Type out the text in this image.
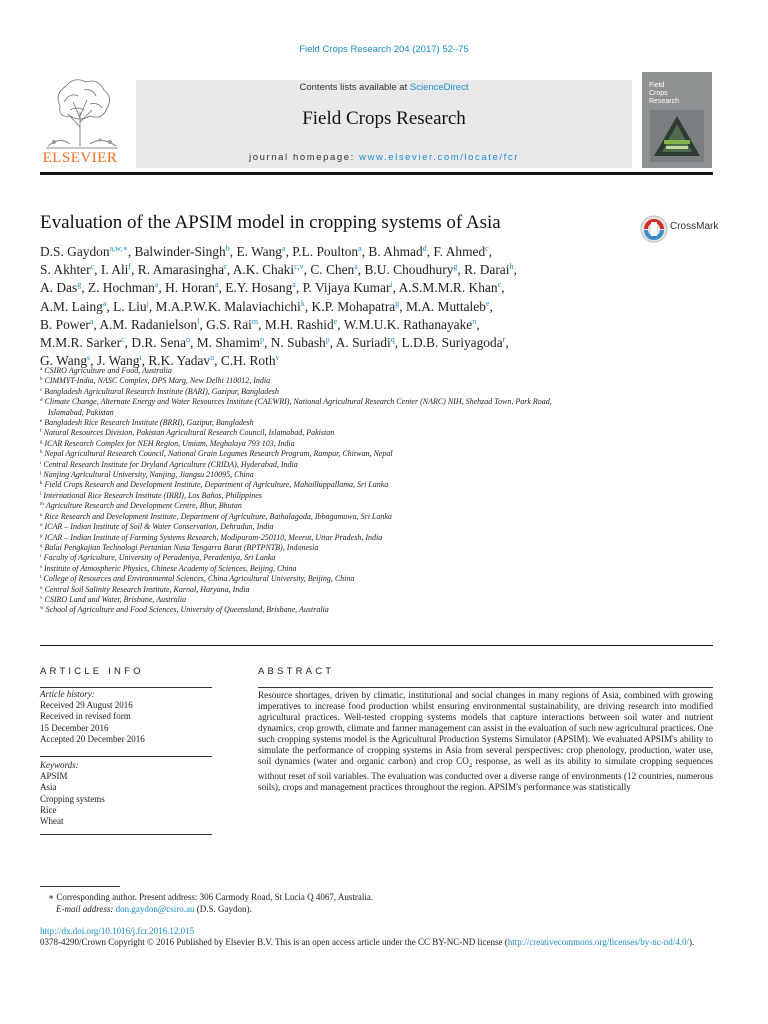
Field Crops Research 204 (2017) 52–75
ELSEVIER
Contents lists available at ScienceDirect
Field Crops Research
journal homepage: www.elsevier.com/locate/fcr
Field
Crops
Research
Evaluation of the APSIM model in cropping systems of Asia	CrossMark
D.S. Gaydon$^{a,w,∗}$, Balwinder-Singh$^b$, E. Wang$^a$, P.L. Poulton$^a$, B. Ahmad$^d$, F. Ahmed$^c$,
S. Akhter$^c$, I. Ali$^f$, R. Amarasingha$^r$, A.K. Chaki$^{c,v}$, C. Chen$^a$, B.U. Choudhury$^g$, R. Darai$^h$,
A. Das$^g$, Z. Hochman$^a$, H. Horan$^a$, E.Y. Hosang$^a$, P. Vijaya Kumar$^i$, A.S.M.M.R. Khan$^c$,
A.M. Laing$^a$, L. Liu$^j$, M.A.P.W.K. Malaviachichi$^k$, K.P. Mohapatra$^g$, M.A. Muttaleb$^e$,
B. Power$^a$, A.M. Radanielson$^l$, G.S. Rai$^m$, M.H. Rashid$^e$, W.M.U.K. Rathanayake$^n$,
M.M.R. Sarker$^c$, D.R. Sena$^o$, M. Shamim$^p$, N. Subash$^p$, A. Suriadi$^q$, L.D.B. Suriyagoda$^r$,
G. Wang$^s$, J. Wang$^t$, R.K. Yadav$^u$, C.H. Roth$^v$
$^a$ CSIRO Agriculture and Food, Australia
$^b$ CIMMYT-India, NASC Complex, DPS Marg, New Delhi 110012, India
$^c$ Bangladesh Agricultural Research Institute (BARI), Gazipur, Bangladesh
$^d$ Climate Change, Alternate Energy and Water Resources Institute (CAEWRI), National Agricultural Research Center (NARC) NIH, Shehzad Town, Park Road,
Islamabad, Pakistan
$^e$ Bangladesh Rice Research Institute (BRRI), Gazipur, Bangladesh
$^f$ Natural Resources Division, Pakistan Agricultural Research Council, Islamabad, Pakistan
$^g$ ICAR Research Complex for NEH Region, Umiam, Meghalaya 793 103, India
$^h$ Nepal Agricultural Research Council, National Grain Legumes Research Program, Rampur, Chitwan, Nepal
$^i$ Central Research Institute for Dryland Agriculture (CRIDA), Hyderabad, India
$^j$ Nanjing Agricultural University, Nanjing, Jiangsu 210095, China
$^k$ Field Crops Research and Development Institute, Department of Agriculture, Mahailluppallama, Sri Lanka
$^l$ International Rice Research Institute (IRRI), Los Baños, Philippines
$^m$ Agriculture Research and Development Centre, Bhur, Bhutan
$^n$ Rice Research and Development Institute, Department of Agriculture, Bathalagoda, Ibbagamuwa, Sri Lanka
$^o$ ICAR – Indian Institute of Soil & Water Conservation, Dehradun, India
$^p$ ICAR – Indian Institute of Farming Systems Research, Modipuram-250110, Meerut, Uttar Pradesh, India
$^q$ Balai Pengkajian Technologi Pertanian Nusa Tengarra Barat (BPTPNTB), Indonesia
$^r$ Faculty of Agriculture, University of Peradeniya, Peradeniya, Sri Lanka
$^s$ Institute of Atmospheric Physics, Chinese Academy of Sciences, Beijing, China
$^t$ College of Resources and Environmental Sciences, China Agricultural University, Beijing, China
$^u$ Central Soil Salinity Research Institute, Karnal, Haryana, India
$^v$ CSIRO Land and Water, Brisbane, Australia
$^w$ School of Agriculture and Food Sciences, University of Queensland, Brisbane, Australia
ARTICLE INFO	ABSTRACT
Article history:
Received 29 August 2016
Received in revised form
15 December 2016
Accepted 20 December 2016
Keywords:
APSIM
Asia
Cropping systems
Rice
Wheat
Resource shortages, driven by climatic, institutional and social changes in many regions of Asia, combined with growing imperatives to increase food production whilst ensuring environmental sustainability, are driving research into modified agricultural practices. Well-tested cropping systems models that capture interactions between soil water and nutrient dynamics, crop growth, climate and farmer management can assist in the evaluation of such new agricultural practices. One such cropping systems model is the Agricultural Production Systems Simulator (APSIM). We evaluated APSIM's ability to simulate the performance of cropping systems in Asia from several perspectives: crop phenology, production, water use, soil dynamics (water and organic carbon) and crop $CO_2$ response, as well as its ability to simulate cropping sequences without reset of soil variables. The evaluation was conducted over a diverse range of environments (12 countries, numerous soils), crops and management practices throughout the region. APSIM's performance was statistically
∗ Corresponding author. Present address: 306 Carmody Road, St Lucia Q 4067, Australia.
E-mail address: don.gaydon@csiro.au (D.S. Gaydon).
http://dx.doi.org/10.1016/j.fcr.2016.12.015
0378-4290/Crown Copyright © 2016 Published by Elsevier B.V. This is an open access article under the CC BY-NC-ND license (http://creativecommons.org/licenses/by-nc-nd/4.0/).
